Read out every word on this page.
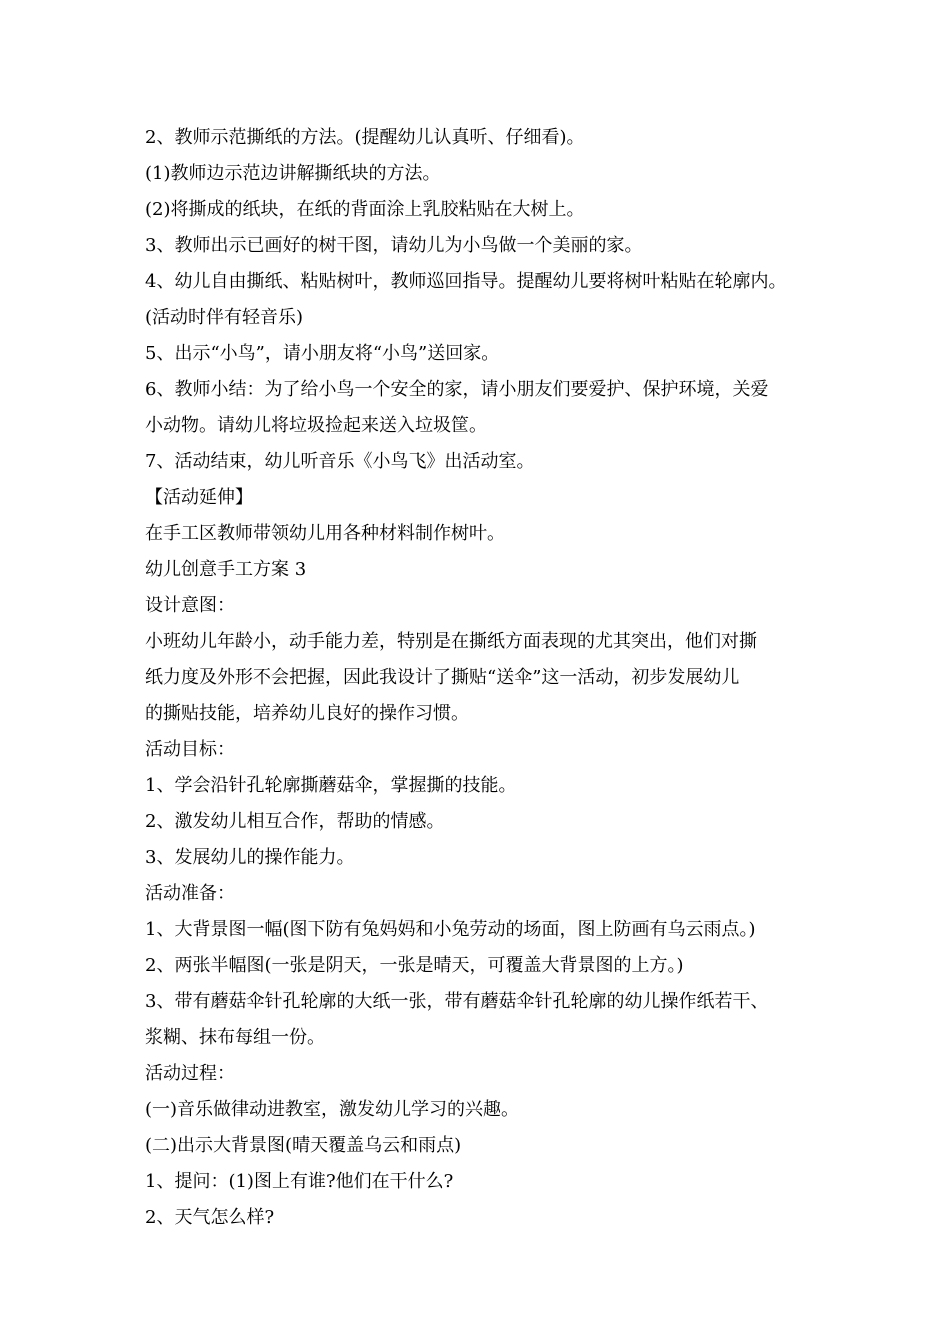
2、教师示范撕纸的方法。(提醒幼儿认真听、仔细看)。

(1)教师边示范边讲解撕纸块的方法。

(2)将撕成的纸块，在纸的背面涂上乳胶粘贴在大树上。

3、教师出示已画好的树干图，请幼儿为小鸟做一个美丽的家。

4、幼儿自由撕纸、粘贴树叶，教师巡回指导。提醒幼儿要将树叶粘贴在轮廓内。

(活动时伴有轻音乐)

5、出示“小鸟”，请小朋友将“小鸟”送回家。

6、教师小结：为了给小鸟一个安全的家，请小朋友们要爱护、保护环境，关爱

小动物。请幼儿将垃圾捡起来送入垃圾筐。

7、活动结束，幼儿听音乐《小鸟飞》出活动室。

【活动延伸】

在手工区教师带领幼儿用各种材料制作树叶。

幼儿创意手工方案 3

设计意图：

小班幼儿年龄小，动手能力差，特别是在撕纸方面表现的尤其突出，他们对撕

纸力度及外形不会把握，因此我设计了撕贴“送伞”这一活动，初步发展幼儿

的撕贴技能，培养幼儿良好的操作习惯。

活动目标：

1、学会沿针孔轮廓撕蘑菇伞，掌握撕的技能。

2、激发幼儿相互合作，帮助的情感。

3、发展幼儿的操作能力。

活动准备：

1、大背景图一幅(图下防有兔妈妈和小兔劳动的场面，图上防画有乌云雨点。)

2、两张半幅图(一张是阴天，一张是晴天，可覆盖大背景图的上方。)

3、带有蘑菇伞针孔轮廓的大纸一张，带有蘑菇伞针孔轮廓的幼儿操作纸若干、

浆糊、抹布每组一份。

活动过程：

(一)音乐做律动进教室，激发幼儿学习的兴趣。

(二)出示大背景图(晴天覆盖乌云和雨点)

1、提问：(1)图上有谁?他们在干什么?

2、天气怎么样?
